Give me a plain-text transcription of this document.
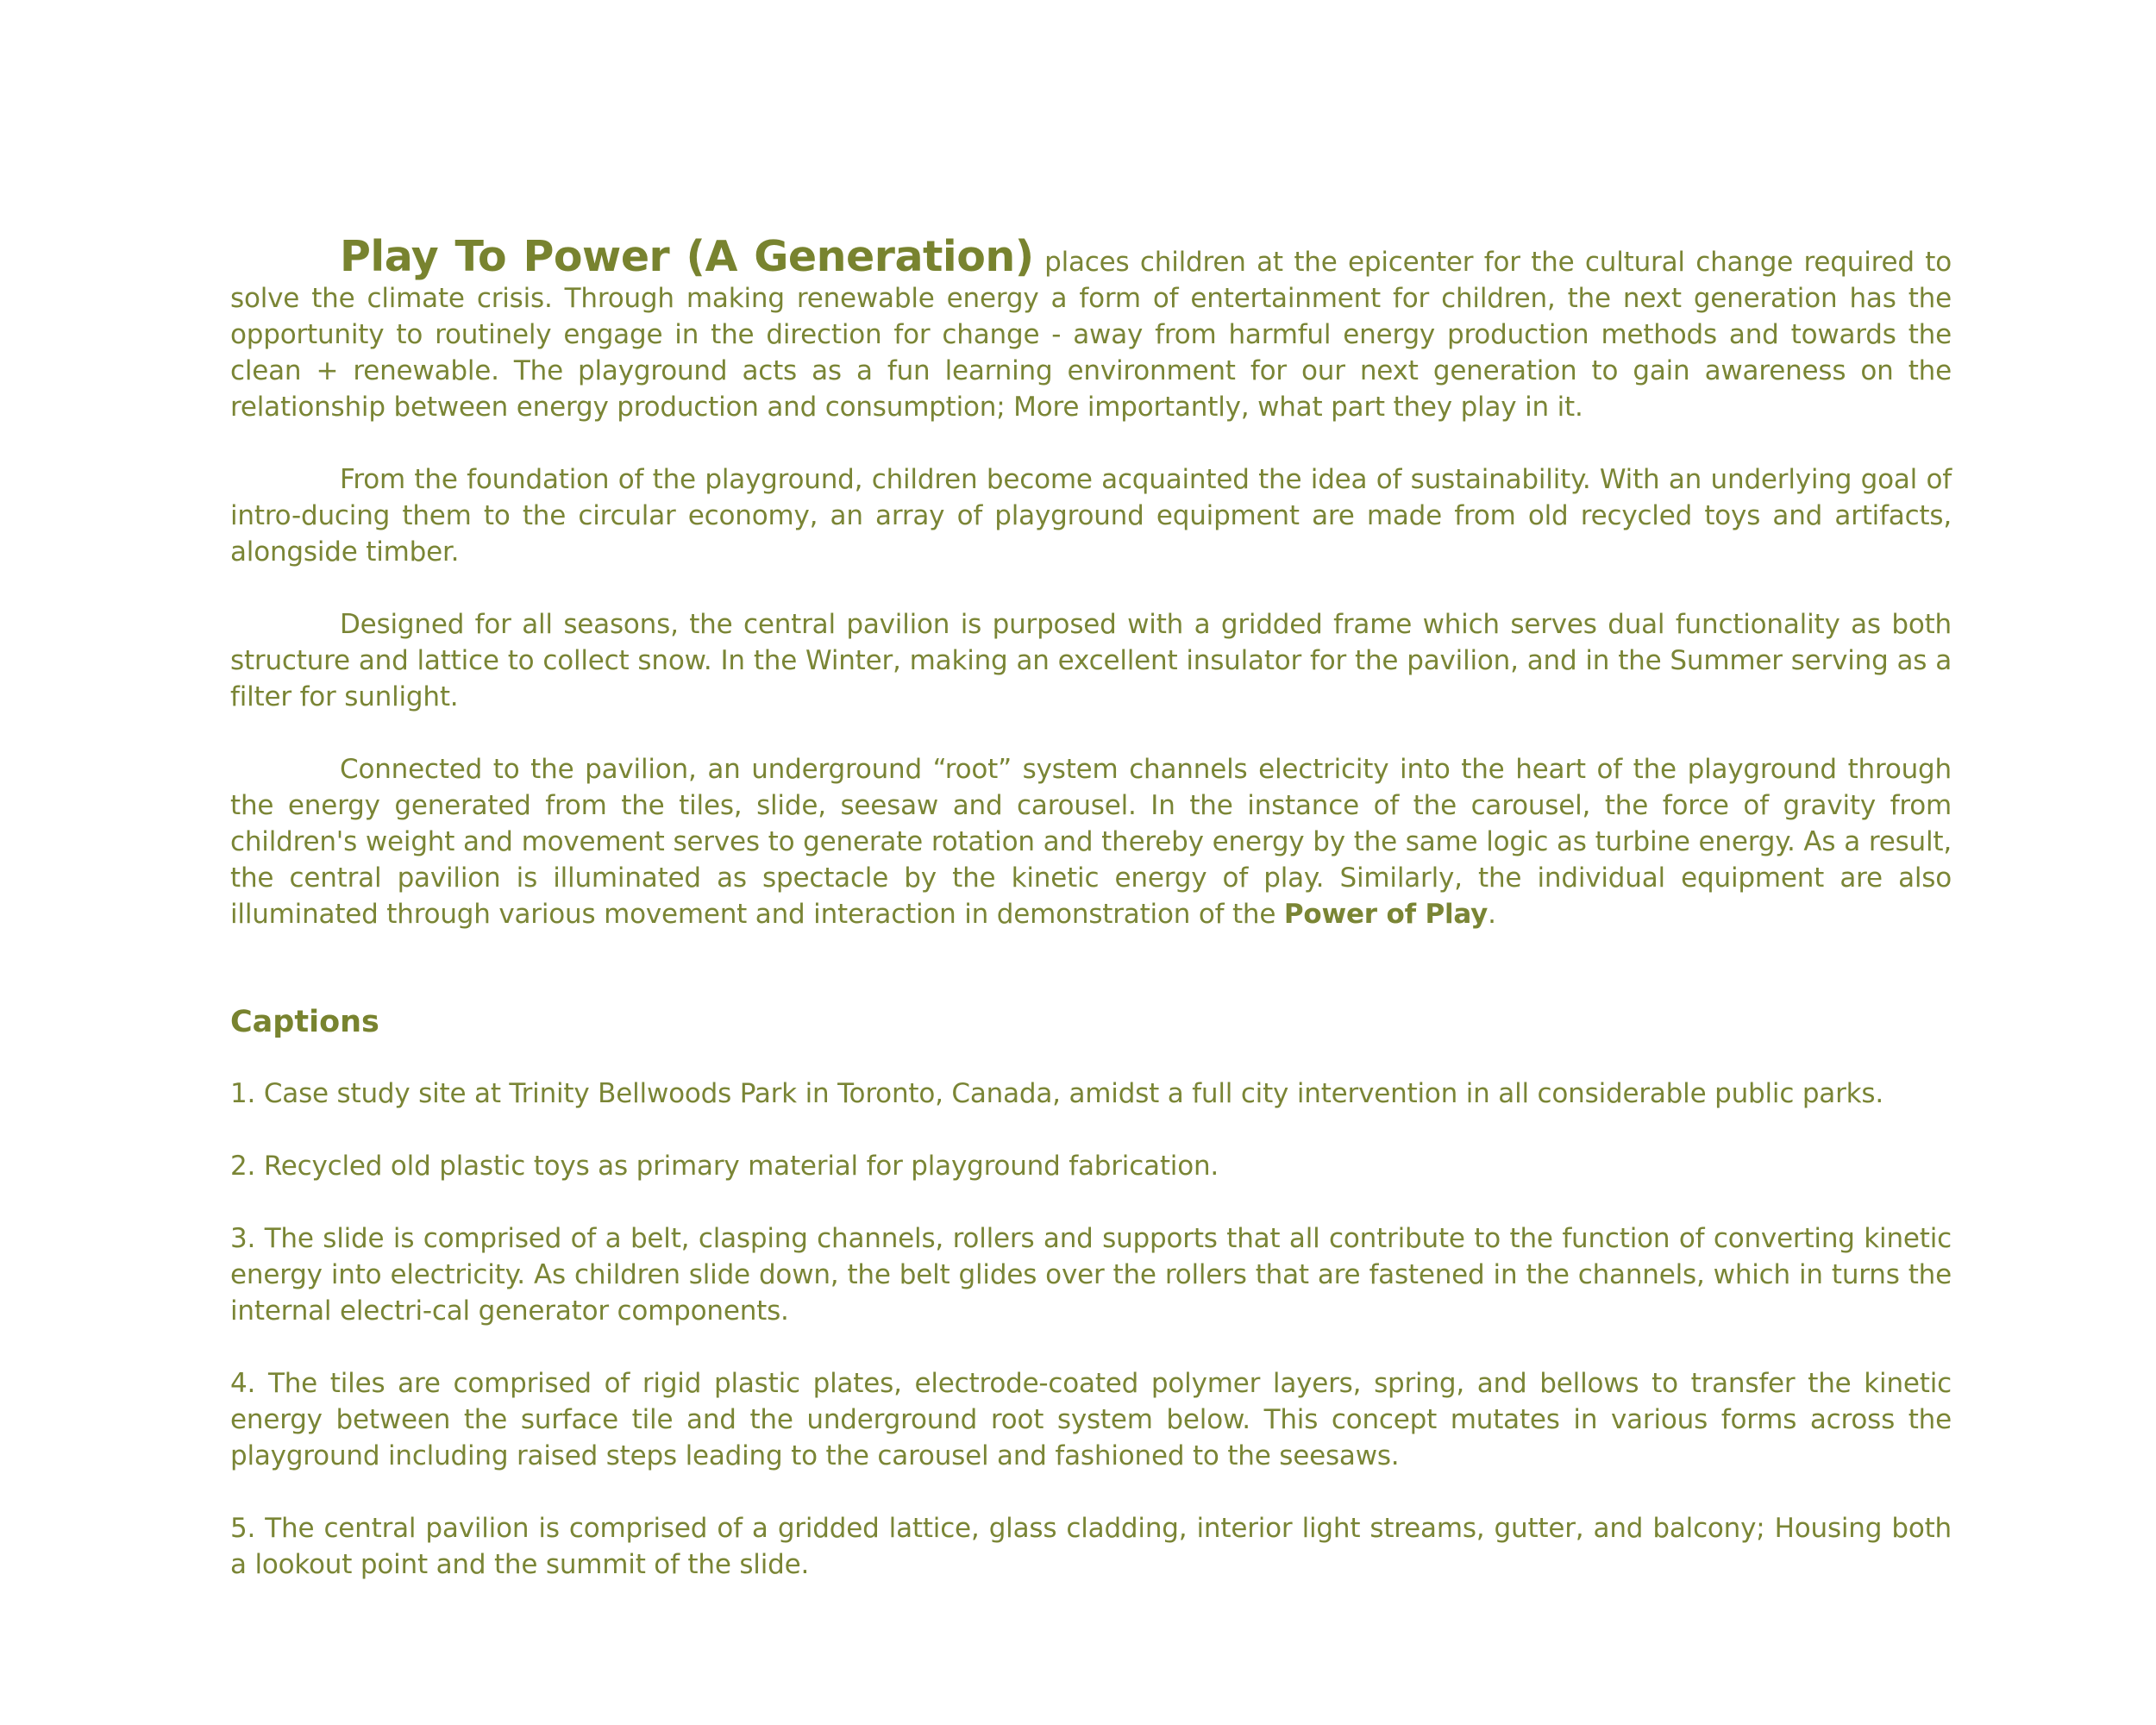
Play To Power (A Generation) places children at the epicenter for the cultural change required to solve the climate crisis. Through making renewable energy a form of entertainment for children, the next generation has the opportunity to routinely engage in the direction for change - away from harmful energy production methods and towards the clean + renewable. The playground acts as a fun learning environment for our next generation to gain awareness on the relationship between energy production and consumption; More importantly, what part they play in it.

From the foundation of the playground, children become acquainted the idea of sustainability. With an underlying goal of intro-ducing them to the circular economy, an array of playground equipment are made from old recycled toys and artifacts, alongside timber.

Designed for all seasons, the central pavilion is purposed with a gridded frame which serves dual functionality as both structure and lattice to collect snow. In the Winter, making an excellent insulator for the pavilion, and in the Summer serving as a filter for sunlight.

Connected to the pavilion, an underground “root” system channels electricity into the heart of the playground through the energy generated from the tiles, slide, seesaw and carousel. In the instance of the carousel, the force of gravity from children's weight and movement serves to generate rotation and thereby energy by the same logic as turbine energy. As a result, the central pavilion is illuminated as spectacle by the kinetic energy of play. Similarly, the individual equipment are also illuminated through various movement and interaction in demonstration of the Power of Play.

Captions

1. Case study site at Trinity Bellwoods Park in Toronto, Canada, amidst a full city intervention in all considerable public parks.

2. Recycled old plastic toys as primary material for playground fabrication.

3. The slide is comprised of a belt, clasping channels, rollers and supports that all contribute to the function of converting kinetic energy into electricity. As children slide down, the belt glides over the rollers that are fastened in the channels, which in turns the internal electri-cal generator components.

4. The tiles are comprised of rigid plastic plates, electrode-coated polymer layers, spring, and bellows to transfer the kinetic energy between the surface tile and the underground root system below. This concept mutates in various forms across the playground including raised steps leading to the carousel and fashioned to the seesaws.

5. The central pavilion is comprised of a gridded lattice, glass cladding, interior light streams, gutter, and balcony; Housing both a lookout point and the summit of the slide.
